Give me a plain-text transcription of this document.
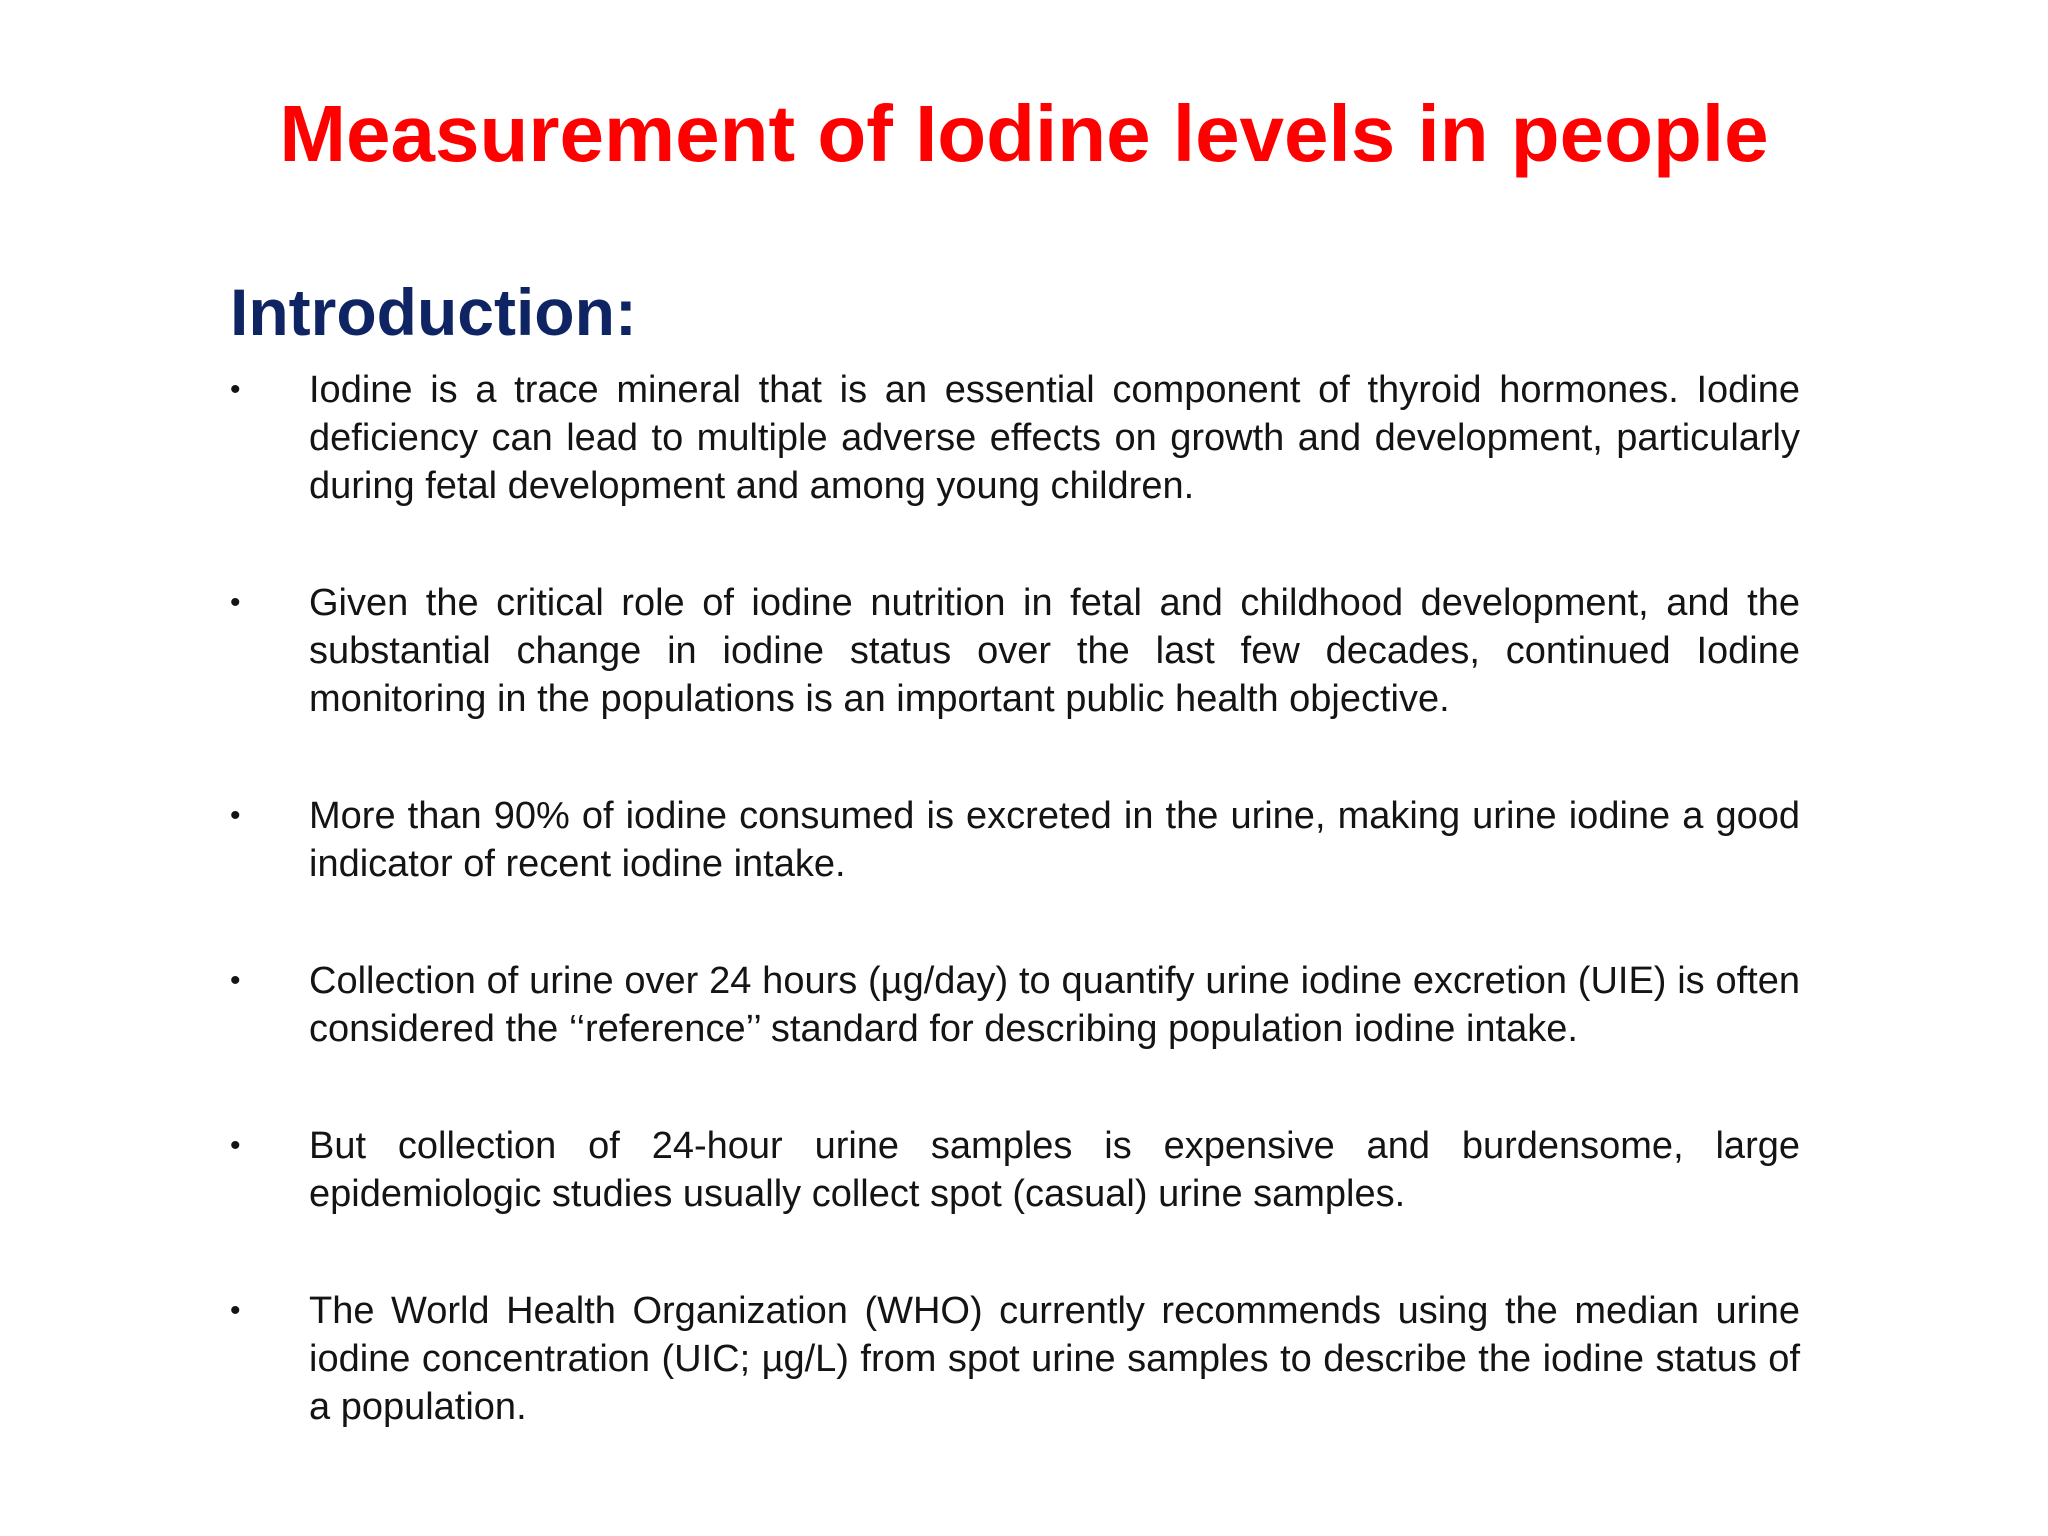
Measurement of Iodine levels in people
Introduction:
• Iodine is a trace mineral that is an essential component of thyroid hormones. Iodine deficiency can lead to multiple adverse effects on growth and development, particularly during fetal development and among young children.
• Given the critical role of iodine nutrition in fetal and childhood development, and the substantial change in iodine status over the last few decades, continued Iodine monitoring in the populations is an important public health objective.
• More than 90% of iodine consumed is excreted in the urine, making urine iodine a good indicator of recent iodine intake.
• Collection of urine over 24 hours (µg/day) to quantify urine iodine excretion (UIE) is often considered the ‘‘reference’’ standard for describing population iodine intake.
• But collection of 24-hour urine samples is expensive and burdensome, large epidemiologic studies usually collect spot (casual) urine samples.
• The World Health Organization (WHO) currently recommends using the median urine iodine concentration (UIC; µg/L) from spot urine samples to describe the iodine status of a population.
